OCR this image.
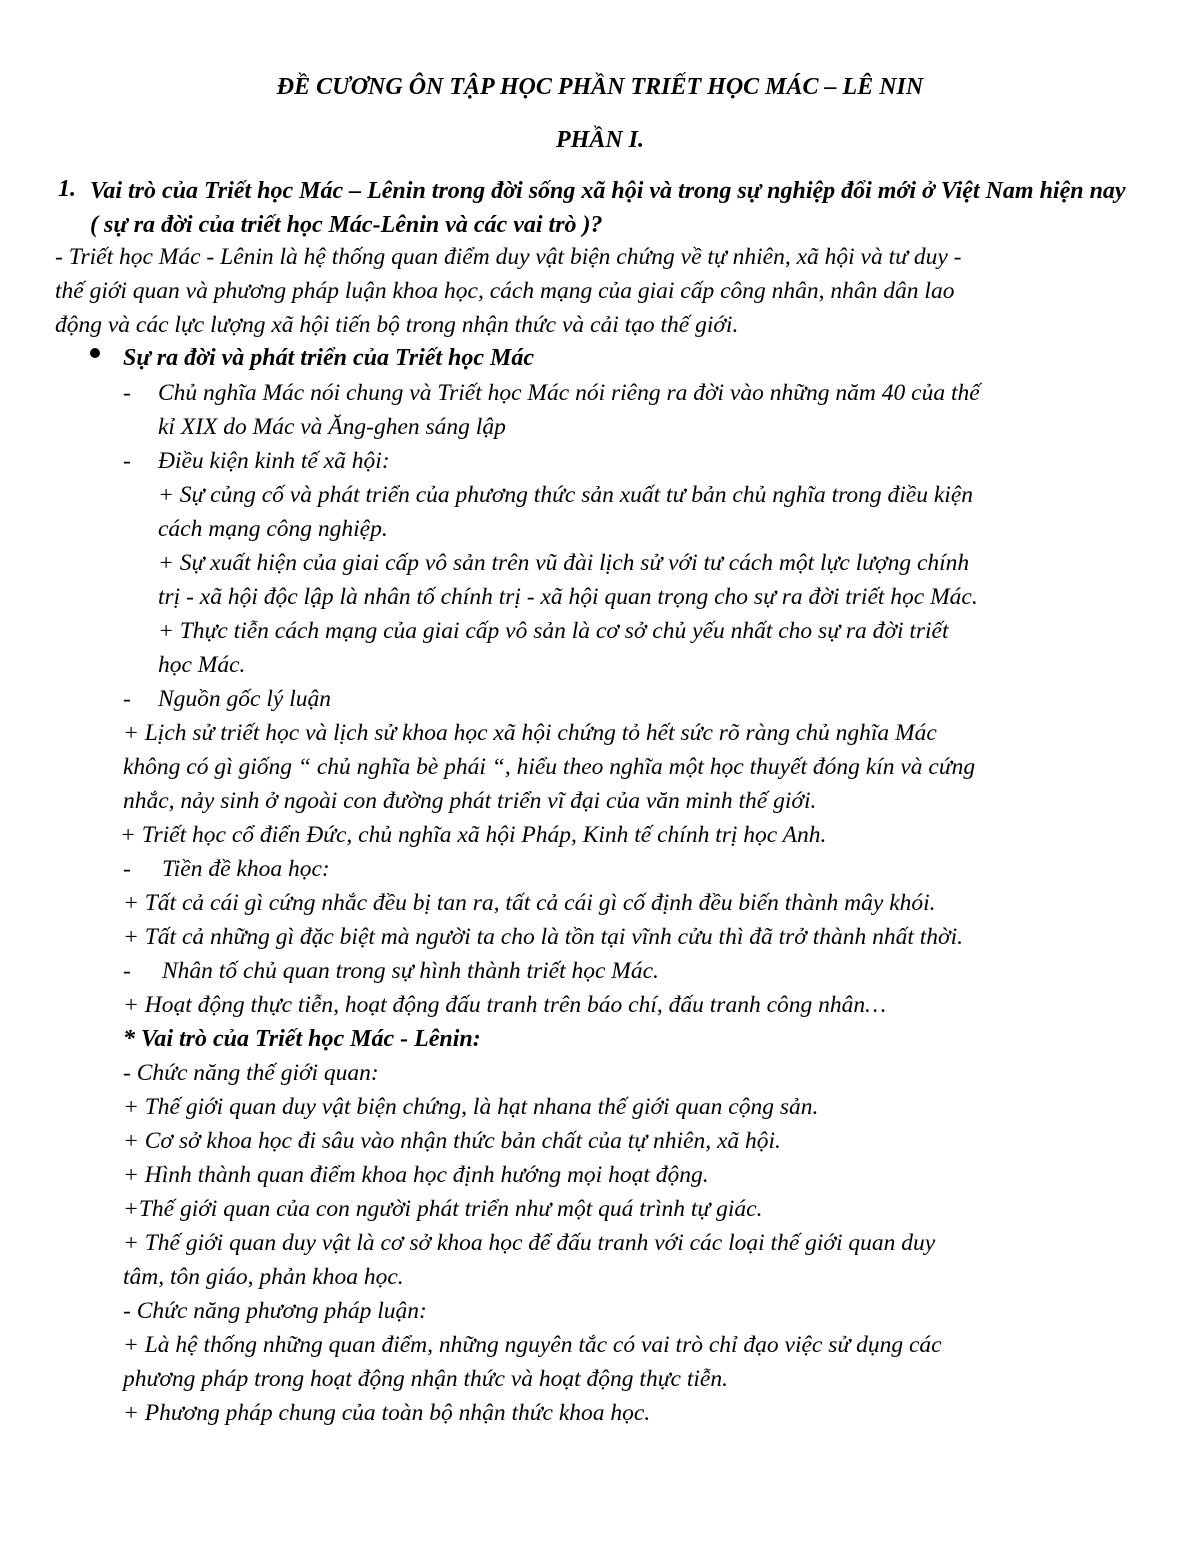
ĐỀ CƯƠNG ÔN TẬP HỌC PHẦN TRIẾT HỌC MÁC – LÊ NIN
PHẦN I.
1. Vai trò của Triết học Mác – Lênin trong đời sống xã hội và trong sự nghiệp đổi mới ở Việt Nam hiện nay ( sự ra đời của triết học Mác-Lênin và các vai trò )?
- Triết học Mác - Lênin là hệ thống quan điểm duy vật biện chứng về tự nhiên, xã hội và tư duy -
thế giới quan và phương pháp luận khoa học, cách mạng của giai cấp công nhân, nhân dân lao
động và các lực lượng xã hội tiến bộ trong nhận thức và cải tạo thế giới.
Sự ra đời và phát triển của Triết học Mác
- Chủ nghĩa Mác nói chung và Triết học Mác nói riêng ra đời vào những năm 40 của thế
kỉ XIX do Mác và Ăng-ghen sáng lập
- Điều kiện kinh tế xã hội:
+ Sự củng cố và phát triển của phương thức sản xuất tư bản chủ nghĩa trong điều kiện
cách mạng công nghiệp.
+ Sự xuất hiện của giai cấp vô sản trên vũ đài lịch sử với tư cách một lực lượng chính
trị - xã hội độc lập là nhân tố chính trị - xã hội quan trọng cho sự ra đời triết học Mác.
+ Thực tiễn cách mạng của giai cấp vô sản là cơ sở chủ yếu nhất cho sự ra đời triết
học Mác.
- Nguồn gốc lý luận
+ Lịch sử triết học và lịch sử khoa học xã hội chứng tỏ hết sức rõ ràng chủ nghĩa Mác
không có gì giống “ chủ nghĩa bè phái “, hiểu theo nghĩa một học thuyết đóng kín và cứng
nhắc, nảy sinh ở ngoài con đường phát triển vĩ đại của văn minh thế giới.
+ Triết học cổ điển Đức, chủ nghĩa xã hội Pháp, Kinh tế chính trị học Anh.
- Tiền đề khoa học:
+ Tất cả cái gì cứng nhắc đều bị tan ra, tất cả cái gì cố định đều biến thành mây khói.
+ Tất cả những gì đặc biệt mà người ta cho là tồn tại vĩnh cửu thì đã trở thành nhất thời.
- Nhân tố chủ quan trong sự hình thành triết học Mác.
+ Hoạt động thực tiễn, hoạt động đấu tranh trên báo chí, đấu tranh công nhân…
* Vai trò của Triết học Mác - Lênin:
- Chức năng thế giới quan:
+ Thế giới quan duy vật biện chứng, là hạt nhana thế giới quan cộng sản.
+ Cơ sở khoa học đi sâu vào nhận thức bản chất của tự nhiên, xã hội.
+ Hình thành quan điểm khoa học định hướng mọi hoạt động.
+Thế giới quan của con người phát triển như một quá trình tự giác.
+ Thế giới quan duy vật là cơ sở khoa học để đấu tranh với các loại thế giới quan duy
tâm, tôn giáo, phản khoa học.
- Chức năng phương pháp luận:
+ Là hệ thống những quan điểm, những nguyên tắc có vai trò chỉ đạo việc sử dụng các
phương pháp trong hoạt động nhận thức và hoạt động thực tiễn.
+ Phương pháp chung của toàn bộ nhận thức khoa học.
